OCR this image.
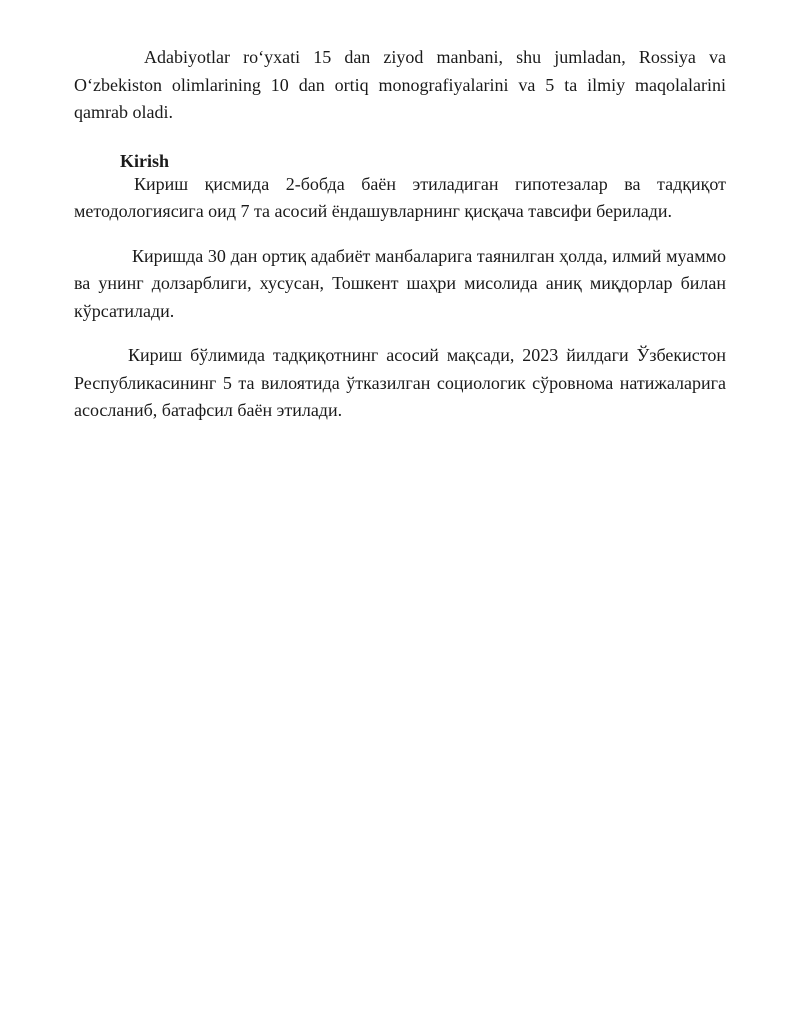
Adabiyotlar ro‘yxati 15 dan ziyod manbani, shu jumladan, Rossiya va O‘zbekiston olimlarining 10 dan ortiq monografiyalarini va 5 ta ilmiy maqolalarini qamrab oladi.

Kirish

Кириш қисмида 2-бобда баён этиладиган гипотезалар ва тадқиқот методологиясига оид 7 та асосий ёндашувларнинг қисқача тавсифи берилади.

Киришда 30 дан ортиқ адабиёт манбаларига таянилган ҳолда, илмий муаммо ва унинг долзарблиги, хусусан, Тошкент шаҳри мисолида аниқ миқдорлар билан кўрсатилади.

Кириш бўлимида тадқиқотнинг асосий мақсади, 2023 йилдаги Ўзбекистон Республикасининг 5 та вилоятида ўтказилган социологик сўровнома натижаларига асосланиб, батафсил баён этилади.
